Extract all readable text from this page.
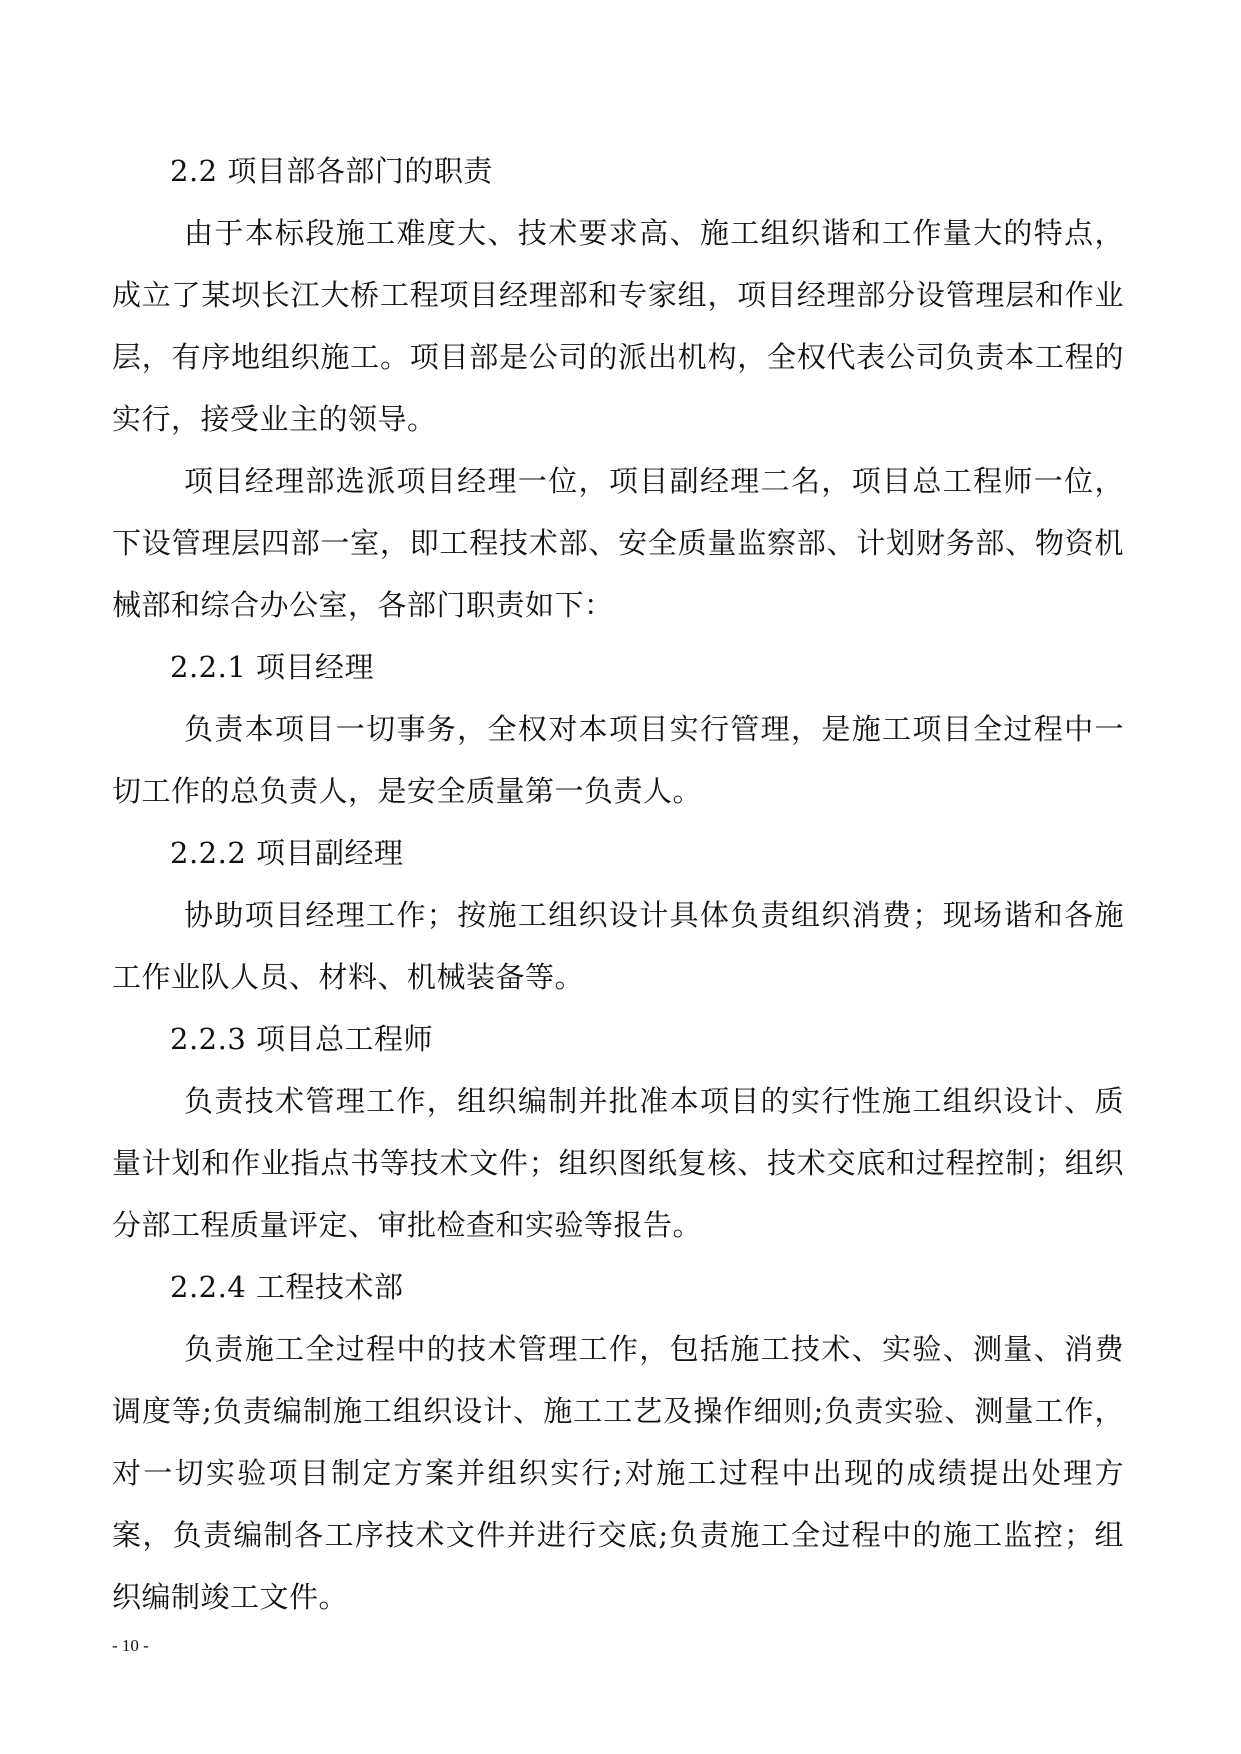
2.2 项目部各部门的职责

由于本标段施工难度大、技术要求高、施工组织谐和工作量大的特点，成立了某坝长江大桥工程项目经理部和专家组，项目经理部分设管理层和作业层，有序地组织施工。项目部是公司的派出机构，全权代表公司负责本工程的实行，接受业主的领导。

项目经理部选派项目经理一位，项目副经理二名，项目总工程师一位，下设管理层四部一室，即工程技术部、安全质量监察部、计划财务部、物资机械部和综合办公室，各部门职责如下：

2.2.1 项目经理

负责本项目一切事务，全权对本项目实行管理，是施工项目全过程中一切工作的总负责人，是安全质量第一负责人。

2.2.2 项目副经理

协助项目经理工作；按施工组织设计具体负责组织消费；现场谐和各施工作业队人员、材料、机械装备等。

2.2.3 项目总工程师

负责技术管理工作，组织编制并批准本项目的实行性施工组织设计、质量计划和作业指点书等技术文件；组织图纸复核、技术交底和过程控制；组织分部工程质量评定、审批检查和实验等报告。

2.2.4 工程技术部

负责施工全过程中的技术管理工作，包括施工技术、实验、测量、消费调度等;负责编制施工组织设计、施工工艺及操作细则;负责实验、测量工作，对一切实验项目制定方案并组织实行;对施工过程中出现的成绩提出处理方案，负责编制各工序技术文件并进行交底;负责施工全过程中的施工监控；组织编制竣工文件。

- 10 -
